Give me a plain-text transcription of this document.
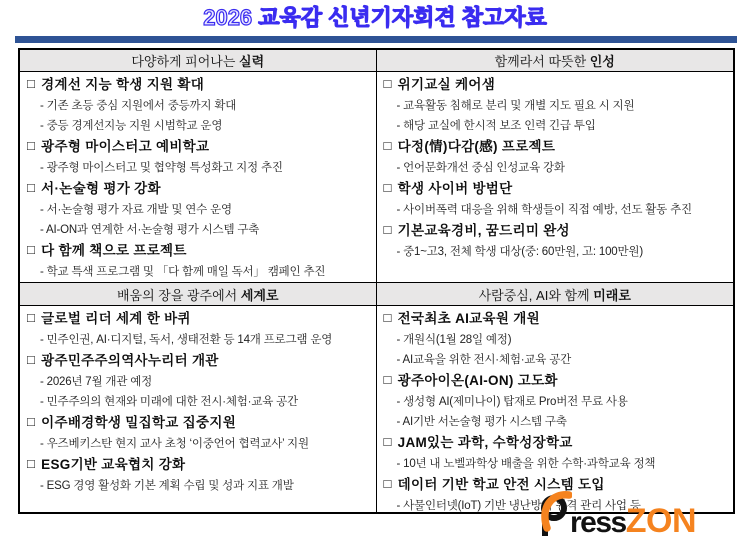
2026 교육감 신년기자회견 참고자료
다양하게 피어나는 실력	함께라서 따뜻한 인성
□ 경계선 지능 학생 지원 확대
- 기존 초등 중심 지원에서 중등까지 확대
- 중등 경계선지능 지원 시범학교 운영
□ 광주형 마이스터고 예비학교
- 광주형 마이스터고 및 협약형 특성화고 지정 추진
□ 서·논술형 평가 강화
- 서·논술형 평가 자료 개발 및 연수 운영
- AI-ON과 연계한 서·논술형 평가 시스템 구축
□ 다 함께 책으로 프로젝트
- 학교 특색 프로그램 및 「다 함께 매일 독서」 캠페인 추진
□ 위기교실 케어샘
- 교육활동 침해로 분리 및 개별 지도 필요 시 지원
- 해당 교실에 한시적 보조 인력 긴급 투입
□ 다정(情)다감(感) 프로젝트
- 언어문화개선 중심 인성교육 강화
□ 학생 사이버 방범단
- 사이버폭력 대응을 위해 학생들이 직접 예방, 선도 활동 추진
□ 기본교육경비, 꿈드리미 완성
- 중1~고3, 전체 학생 대상(중: 60만원, 고: 100만원)
배움의 장을 광주에서 세계로	사람중심, AI와 함께 미래로
□ 글로벌 리더 세계 한 바퀴
- 민주인권, AI·디지털, 독서, 생태전환 등 14개 프로그램 운영
□ 광주민주주의역사누리터 개관
- 2026년 7월 개관 예정
- 민주주의의 현재와 미래에 대한 전시·체험·교육 공간
□ 이주배경학생 밀집학교 집중지원
- 우즈베키스탄 현지 교사 초청 ‘이중언어 협력교사’ 지원
□ ESG기반 교육협치 강화
- ESG 경영 활성화 기본 계획 수립 및 성과 지표 개발
□ 전국최초 AI교육원 개원
- 개원식(1월 28일 예정)
- AI교육을 위한 전시·체험·교육 공간
□ 광주아이온(AI-ON) 고도화
- 생성형 AI(제미나이) 탑재로 Pro버전 무료 사용
- AI기반 서논술형 평가 시스템 구축
□ JAM있는 과학, 수학성장학교
- 10년 내 노벨과학상 배출을 위한 수학·과학교육 정책
□ 데이터 기반 학교 안전 시스템 도입
- 사물인터넷(IoT) 기반 냉난방기 원격 관리 사업 등
ress ZON
